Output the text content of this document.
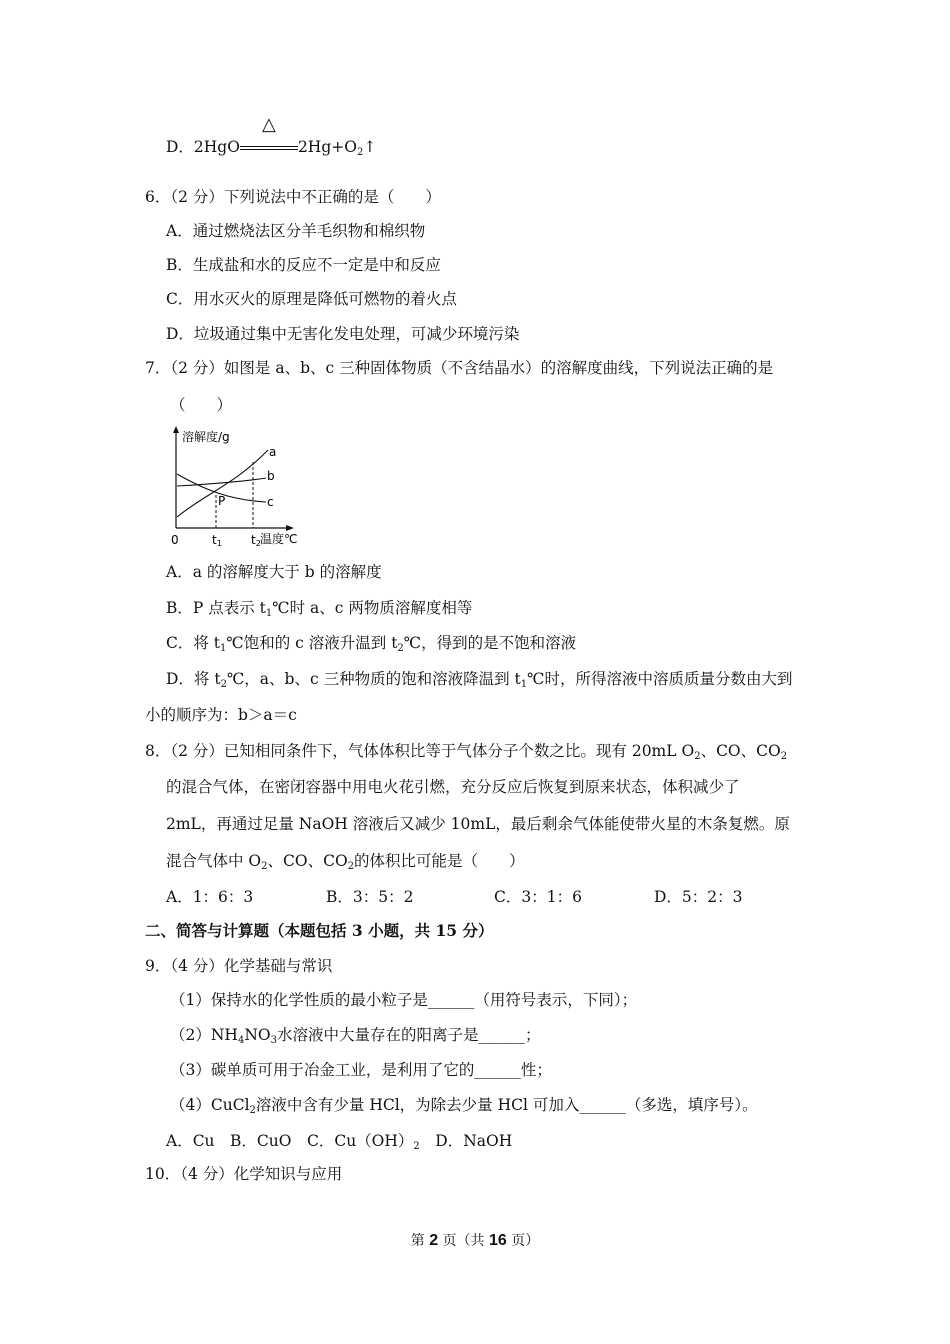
D．2HgO
△
$2Hg+O_2↑$
6．（2 分）下列说法中不正确的是（　　）
A．通过燃烧法区分羊毛织物和棉织物
B．生成盐和水的反应不一定是中和反应
C．用水灭火的原理是降低可燃物的着火点
D．垃圾通过集中无害化发电处理，可减少环境污染
7．（2 分）如图是 a、b、c 三种固体物质（不含结晶水）的溶解度曲线，下列说法正确的是
（　　）
溶解度/g
a
b
c
P
0	t1 t2 温度℃
A．a 的溶解度大于 b 的溶解度
B．P 点表示 $t_1℃$时 a、c 两物质溶解度相等
C．将 $t_1℃$饱和的 c 溶液升温到 $t_2℃$，得到的是不饱和溶液
D．将 $t_2℃$，a、b、c 三种物质的饱和溶液降温到 $t_1℃$时，所得溶液中溶质质量分数由大到
小的顺序为：b＞a＝c
8．（2 分）已知相同条件下，气体体积比等于气体分子个数之比。现有 20mL $O_2$、CO、$CO_2$
的混合气体，在密闭容器中用电火花引燃，充分反应后恢复到原来状态，体积减少了
2mL，再通过足量 NaOH 溶液后又减少 10mL，最后剩余气体能使带火星的木条复燃。原
混合气体中 $O_2$、CO、$CO_2$的体积比可能是（　　）
A．1：6：3	B．3：5：2	C．3：1：6	D．5：2：3
二、简答与计算题（本题包括 3 小题，共 15 分）
9．（4 分）化学基础与常识
（1）保持水的化学性质的最小粒子是______（用符号表示，下同）；
$(2)NH_4NO_3$水溶液中大量存在的阳离子是______；
（3）碳单质可用于冶金工业，是利用了它的______性；
（4）CuCl$_2$溶液中含有少量 HCl，为除去少量 HCl 可加入______（多选，填序号）。
A．Cu　B．CuO　C．$Cu(OH)_2$　D．NaOH
10．（4 分）化学知识与应用
第 2 页（共 16 页）
